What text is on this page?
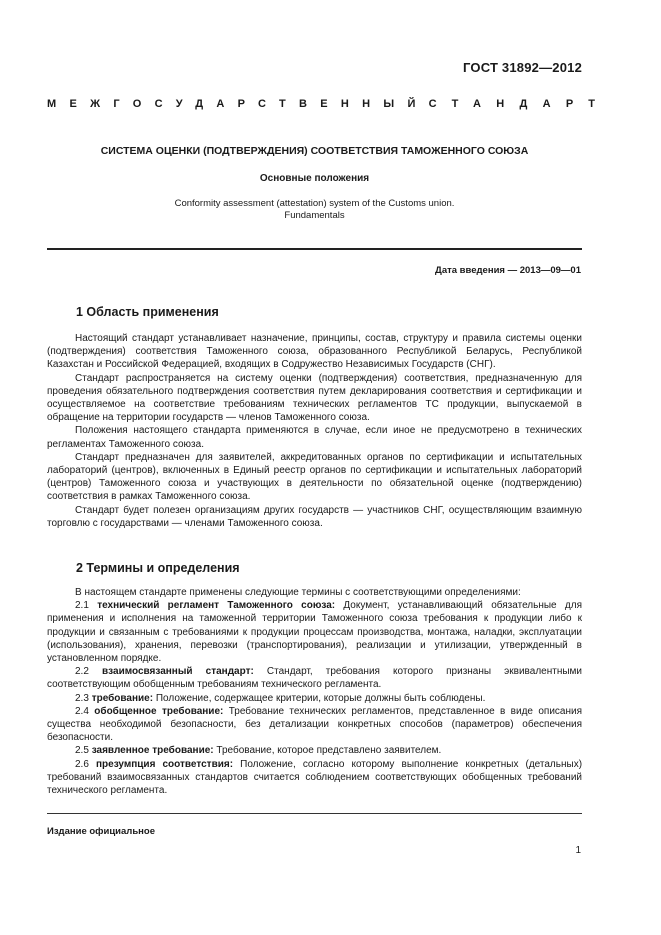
ГОСТ 31892—2012
МЕЖГОСУДАРСТВЕННЫЙ СТАНДАРТ
СИСТЕМА ОЦЕНКИ (ПОДТВЕРЖДЕНИЯ) СООТВЕТСТВИЯ ТАМОЖЕННОГО СОЮЗА
Основные положения
Conformity assessment (attestation) system of the Customs union.
Fundamentals
Дата введения — 2013—09—01
1 Область применения

Настоящий стандарт устанавливает назначение, принципы, состав, структуру и правила системы оценки (подтверждения) соответствия Таможенного союза, образованного Республикой Беларусь, Республикой Казахстан и Российской Федерацией, входящих в Содружество Независимых Государств (СНГ).

Стандарт распространяется на систему оценки (подтверждения) соответствия, предназначенную для проведения обязательного подтверждения соответствия путем декларирования соответствия и сертификации и осуществляемое на соответствие требованиям технических регламентов ТС продукции, выпускаемой в обращение на территории государств — членов Таможенного союза.

Положения настоящего стандарта применяются в случае, если иное не предусмотрено в технических регламентах Таможенного союза.

Стандарт предназначен для заявителей, аккредитованных органов по сертификации и испытательных лабораторий (центров), включенных в Единый реестр органов по сертификации и испытательных лабораторий (центров) Таможенного союза и участвующих в деятельности по обязательной оценке (подтверждению) соответствия в рамках Таможенного союза.

Стандарт будет полезен организациям других государств — участников СНГ, осуществляющим взаимную торговлю с государствами — членами Таможенного союза.

2 Термины и определения

В настоящем стандарте применены следующие термины с соответствующими определениями:

2.1 технический регламент Таможенного союза: Документ, устанавливающий обязательные для применения и исполнения на таможенной территории Таможенного союза требования к продукции либо к продукции и связанным с требованиями к продукции процессам производства, монтажа, наладки, эксплуатации (использования), хранения, перевозки (транспортирования), реализации и утилизации, утвержденный в установленном порядке.

2.2 взаимосвязанный стандарт: Стандарт, требования которого признаны эквивалентными соответствующим обобщенным требованиям технического регламента.

2.3 требование: Положение, содержащее критерии, которые должны быть соблюдены.

2.4 обобщенное требование: Требование технических регламентов, представленное в виде описания существа необходимой безопасности, без детализации конкретных способов (параметров) обеспечения безопасности.

2.5 заявленное требование: Требование, которое представлено заявителем.

2.6 презумпция соответствия: Положение, согласно которому выполнение конкретных (детальных) требований взаимосвязанных стандартов считается соблюдением соответствующих обобщенных требований технического регламента.

Издание официальное
1
